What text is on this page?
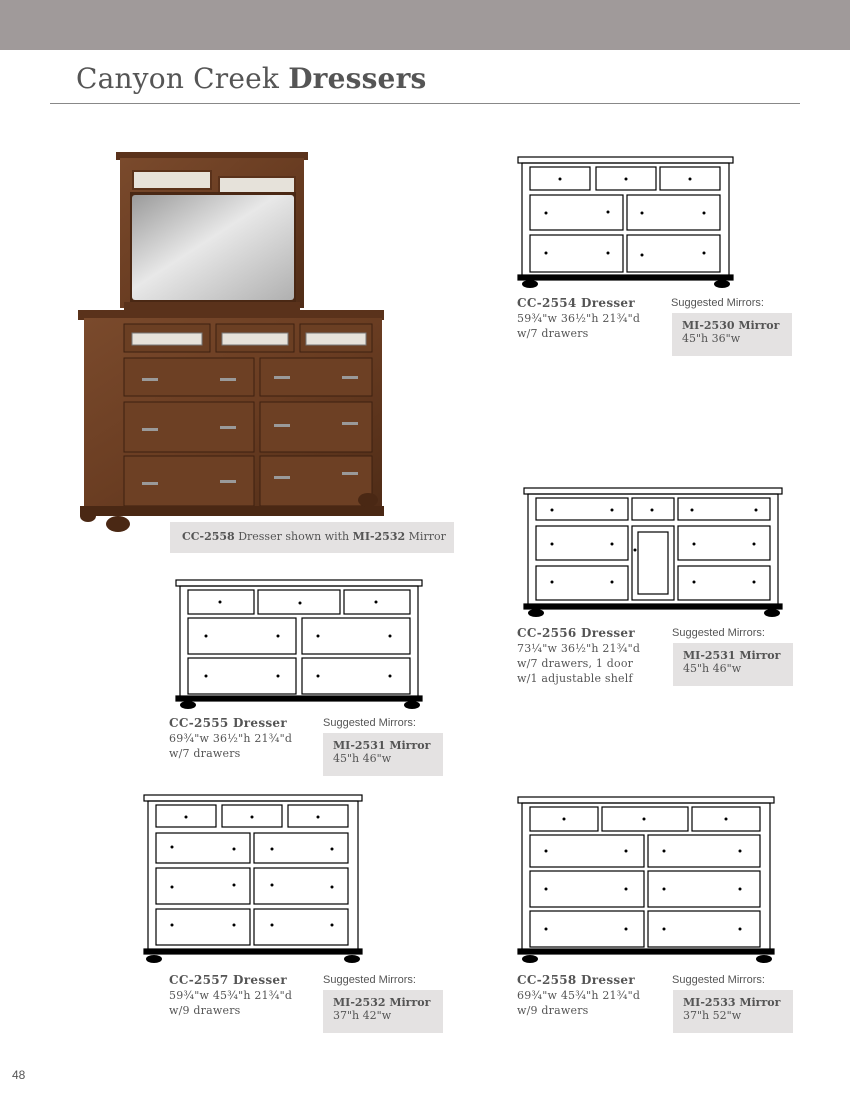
Canyon Creek Dressers
CC-2558 Dresser shown with MI-2532 Mirror
CC-2554 Dresser
59¾"w 36½"h 21¾"d
w/7 drawers
Suggested Mirrors:
MI-2530 Mirror
45"h 36"w
CC-2556 Dresser
73¼"w 36½"h 21¾"d
w/7 drawers, 1 door
w/1 adjustable shelf
Suggested Mirrors:
MI-2531 Mirror
45"h 46"w
CC-2555 Dresser
69¾"w 36½"h 21¾"d
w/7 drawers
Suggested Mirrors:
MI-2531 Mirror
45"h 46"w
CC-2557 Dresser
59¾"w 45¾"h 21¾"d
w/9 drawers
Suggested Mirrors:
MI-2532 Mirror
37"h 42"w
CC-2558 Dresser
69¾"w 45¾"h 21¾"d
w/9 drawers
Suggested Mirrors:
MI-2533 Mirror
37"h 52"w
48
